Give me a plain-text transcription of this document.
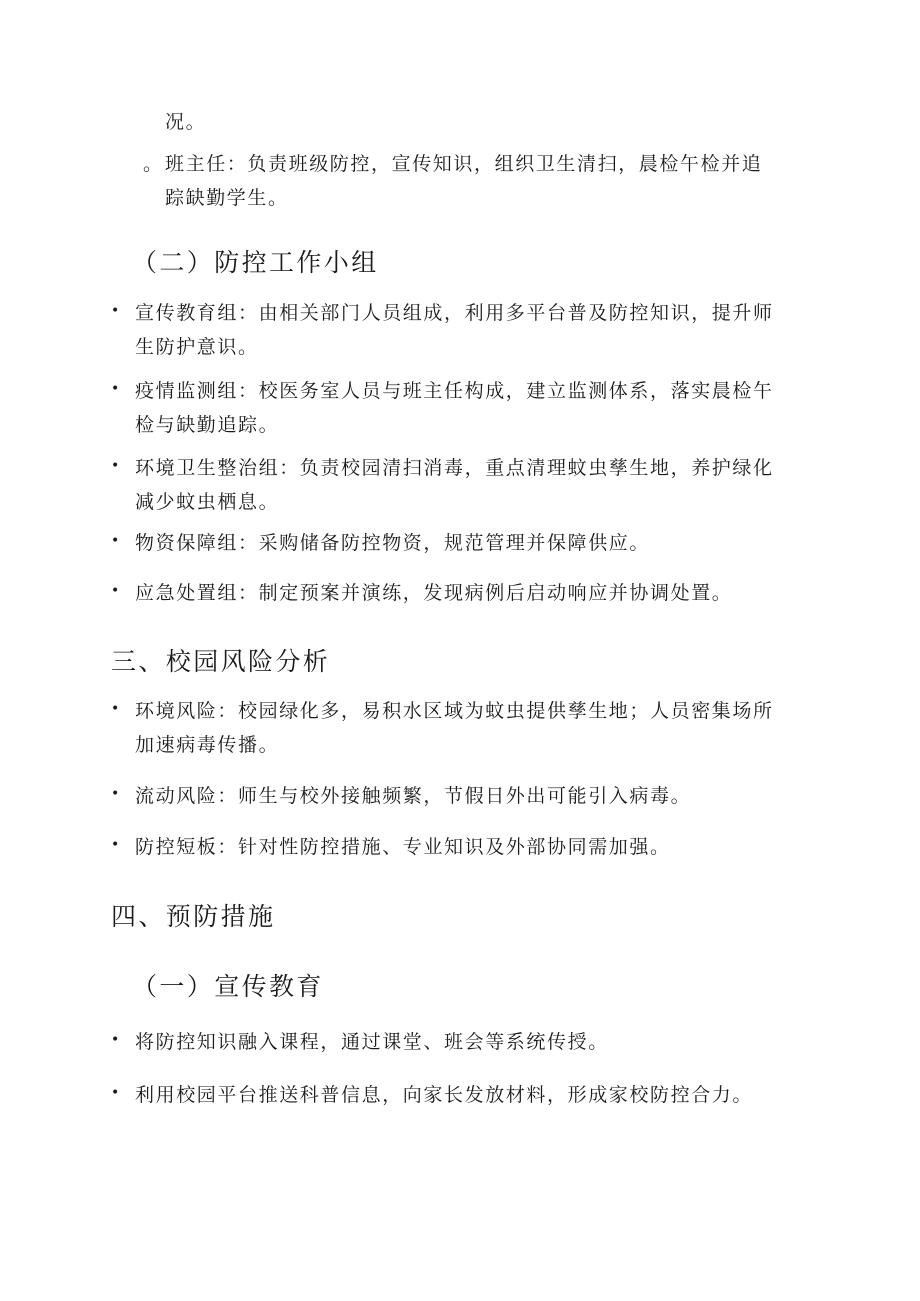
况。
。 班主任：负责班级防控，宣传知识，组织卫生清扫，晨检午检并追
踪缺勤学生。
（二）防控工作小组
• 宣传教育组：由相关部门人员组成，利用多平台普及防控知识，提升师
生防护意识。
• 疫情监测组：校医务室人员与班主任构成，建立监测体系，落实晨检午
检与缺勤追踪。
• 环境卫生整治组：负责校园清扫消毒，重点清理蚊虫孳生地，养护绿化
减少蚊虫栖息。
• 物资保障组：采购储备防控物资，规范管理并保障供应。
• 应急处置组：制定预案并演练，发现病例后启动响应并协调处置。
三、校园风险分析
• 环境风险：校园绿化多，易积水区域为蚊虫提供孳生地；人员密集场所
加速病毒传播。
• 流动风险：师生与校外接触频繁，节假日外出可能引入病毒。
• 防控短板：针对性防控措施、专业知识及外部协同需加强。
四、预防措施
（一）宣传教育
• 将防控知识融入课程，通过课堂、班会等系统传授。
• 利用校园平台推送科普信息，向家长发放材料，形成家校防控合力。
